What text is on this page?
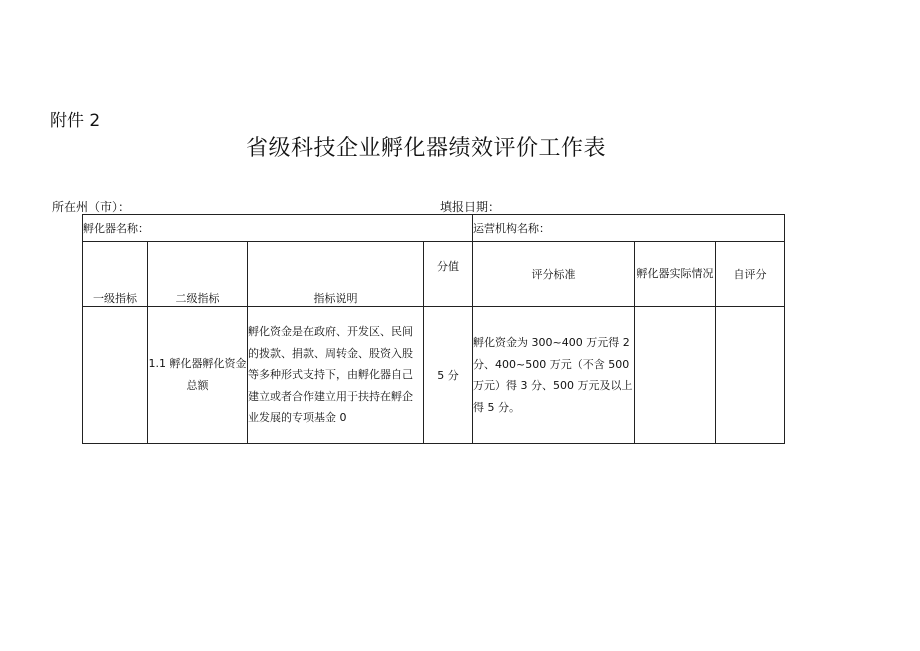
附件 2
省级科技企业孵化器绩效评价工作表
所在州（市）：	填报日期：
孵化器名称：				运营机构名称：		
一级指标	二级指标	指标说明	分值	评分标准	孵化器实际情况	自评分
	1.1 孵化器孵化资金总额	孵化资金是在政府、开发区、民间的拨款、捐款、周转金、股资入股等多种形式支持下，由孵化器自己建立或者合作建立用于扶持在孵企业发展的专项基金 0	5 分	孵化资金为 300~400 万元得 2 分、400~500 万元（不含 500 万元）得 3 分、500 万元及以上得 5 分。		
